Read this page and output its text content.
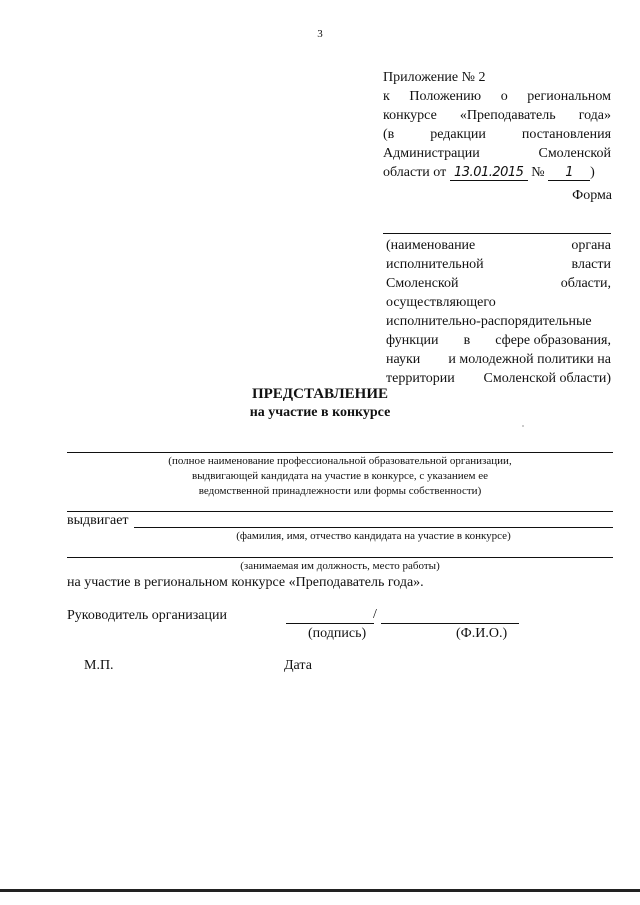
3
Приложение № 2
к Положению о региональном
конкурсе «Преподаватель года»
(в	редакции	постановления
Администрации	Смоленской
области от 13.01.2015 № 1 )
Форма
(наименование	органа
исполнительной	власти
Смоленской	области,
осуществляющего
исполнительно-распорядительные
функции в сфере образования,
науки и молодежной политики на
территории Смоленской области)
ПРЕДСТАВЛЕНИЕ
на участие в конкурсе
(полное наименование профессиональной образовательной организации,
выдвигающей кандидата на участие в конкурсе, с указанием ее
ведомственной принадлежности или формы собственности)
выдвигает
(фамилия, имя, отчество кандидата на участие в конкурсе)
(занимаемая им должность, место работы)
на участие в региональном конкурсе «Преподаватель года».
Руководитель организации	/
(подпись)	(Ф.И.О.)
М.П.	Дата
